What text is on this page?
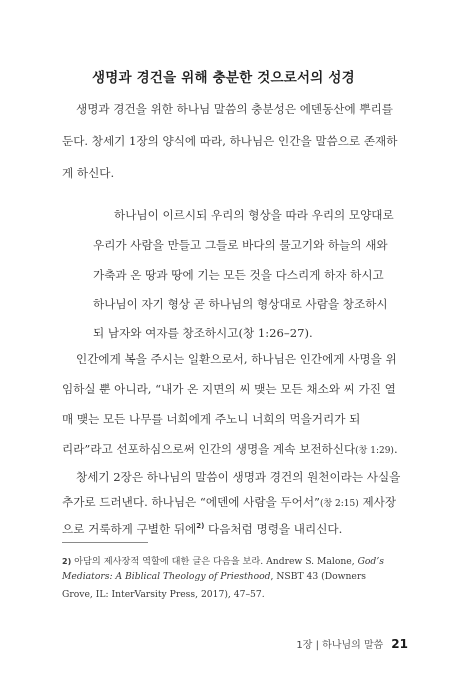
생명과 경건을 위해 충분한 것으로서의 성경
생명과 경건을 위한 하나님 말씀의 충분성은 에덴동산에 뿌리를
둔다. 창세기 1장의 양식에 따라, 하나님은 인간을 말씀으로 존재하
게 하신다.
하나님이 이르시되 우리의 형상을 따라 우리의 모양대로
우리가 사람을 만들고 그들로 바다의 물고기와 하늘의 새와
가축과 온 땅과 땅에 기는 모든 것을 다스리게 하자 하시고
하나님이 자기 형상 곧 하나님의 형상대로 사람을 창조하시
되 남자와 여자를 창조하시고(창 1:26–27).
인간에게 복을 주시는 일환으로서, 하나님은 인간에게 사명을 위
임하실 뿐 아니라, “내가 온 지면의 씨 맺는 모든 채소와 씨 가진 열
매 맺는 모든 나무를 너희에게 주노니 너희의 먹을거리가 되
리라”라고 선포하심으로써 인간의 생명을 계속 보전하신다(창 1:29).
창세기 2장은 하나님의 말씀이 생명과 경건의 원천이라는 사실을
추가로 드러낸다. 하나님은 “에덴에 사람을 두어서”(창 2:15) 제사장
으로 거룩하게 구별한 뒤에$^{2)}$ 다음처럼 명령을 내리신다.
2) 아담의 제사장적 역할에 대한 글은 다음을 보라. Andrew S. Malone, God’s
Mediators: A Biblical Theology of Priesthood, NSBT 43 (Downers
Grove, IL: InterVarsity Press, 2017), 47–57.
1장 | 하나님의 말씀 21
